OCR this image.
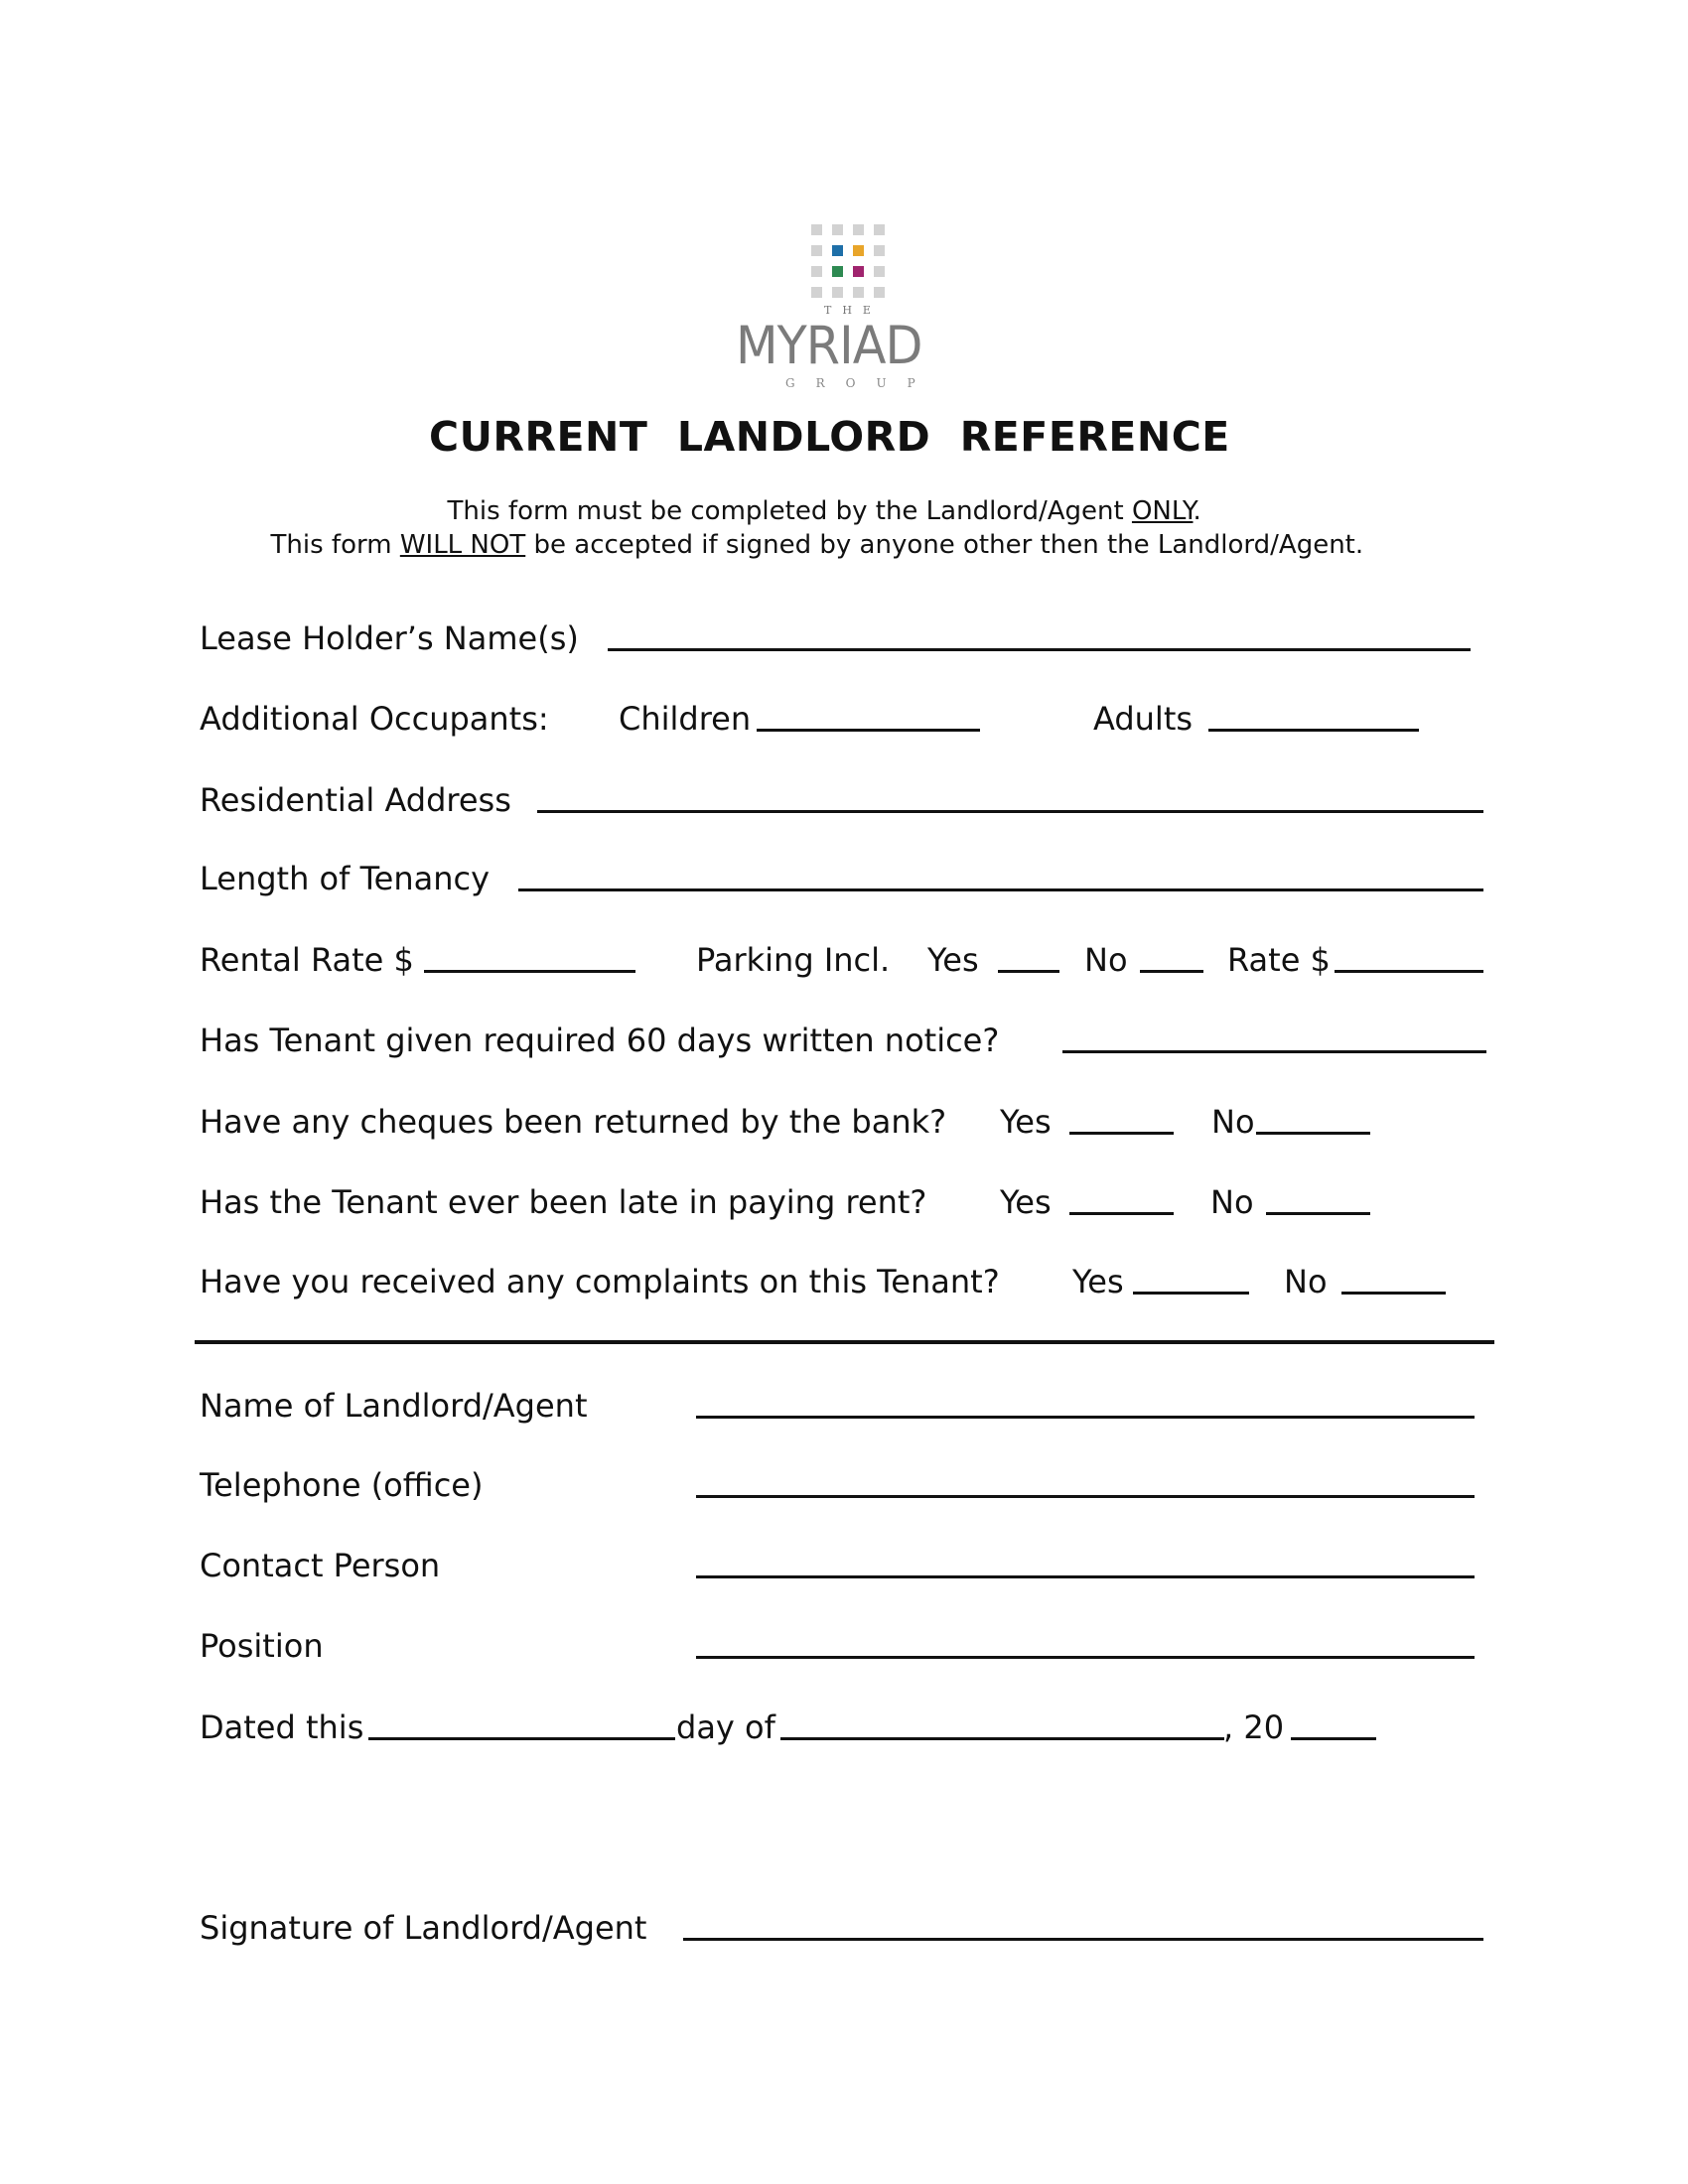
THE
MYRIAD
GROUP
CURRENT  LANDLORD  REFERENCE

This form must be completed by the Landlord/Agent ONLY.

This form WILL NOT be accepted if signed by anyone other then the Landlord/Agent.

Lease Holder’s Name(s)
Additional Occupants: Children	Adults
Residential Address
Length of Tenancy
Rental Rate $	Parking Incl. Yes	No	Rate $
Has Tenant given required 60 days written notice?
Have any cheques been returned by the bank? Yes	No
Has the Tenant ever been late in paying rent? Yes	No
Have you received any complaints on this Tenant? Yes	No
Name of Landlord/Agent
Telephone (office)
Contact Person
Position
Dated this	day of	, 20
Signature of Landlord/Agent
